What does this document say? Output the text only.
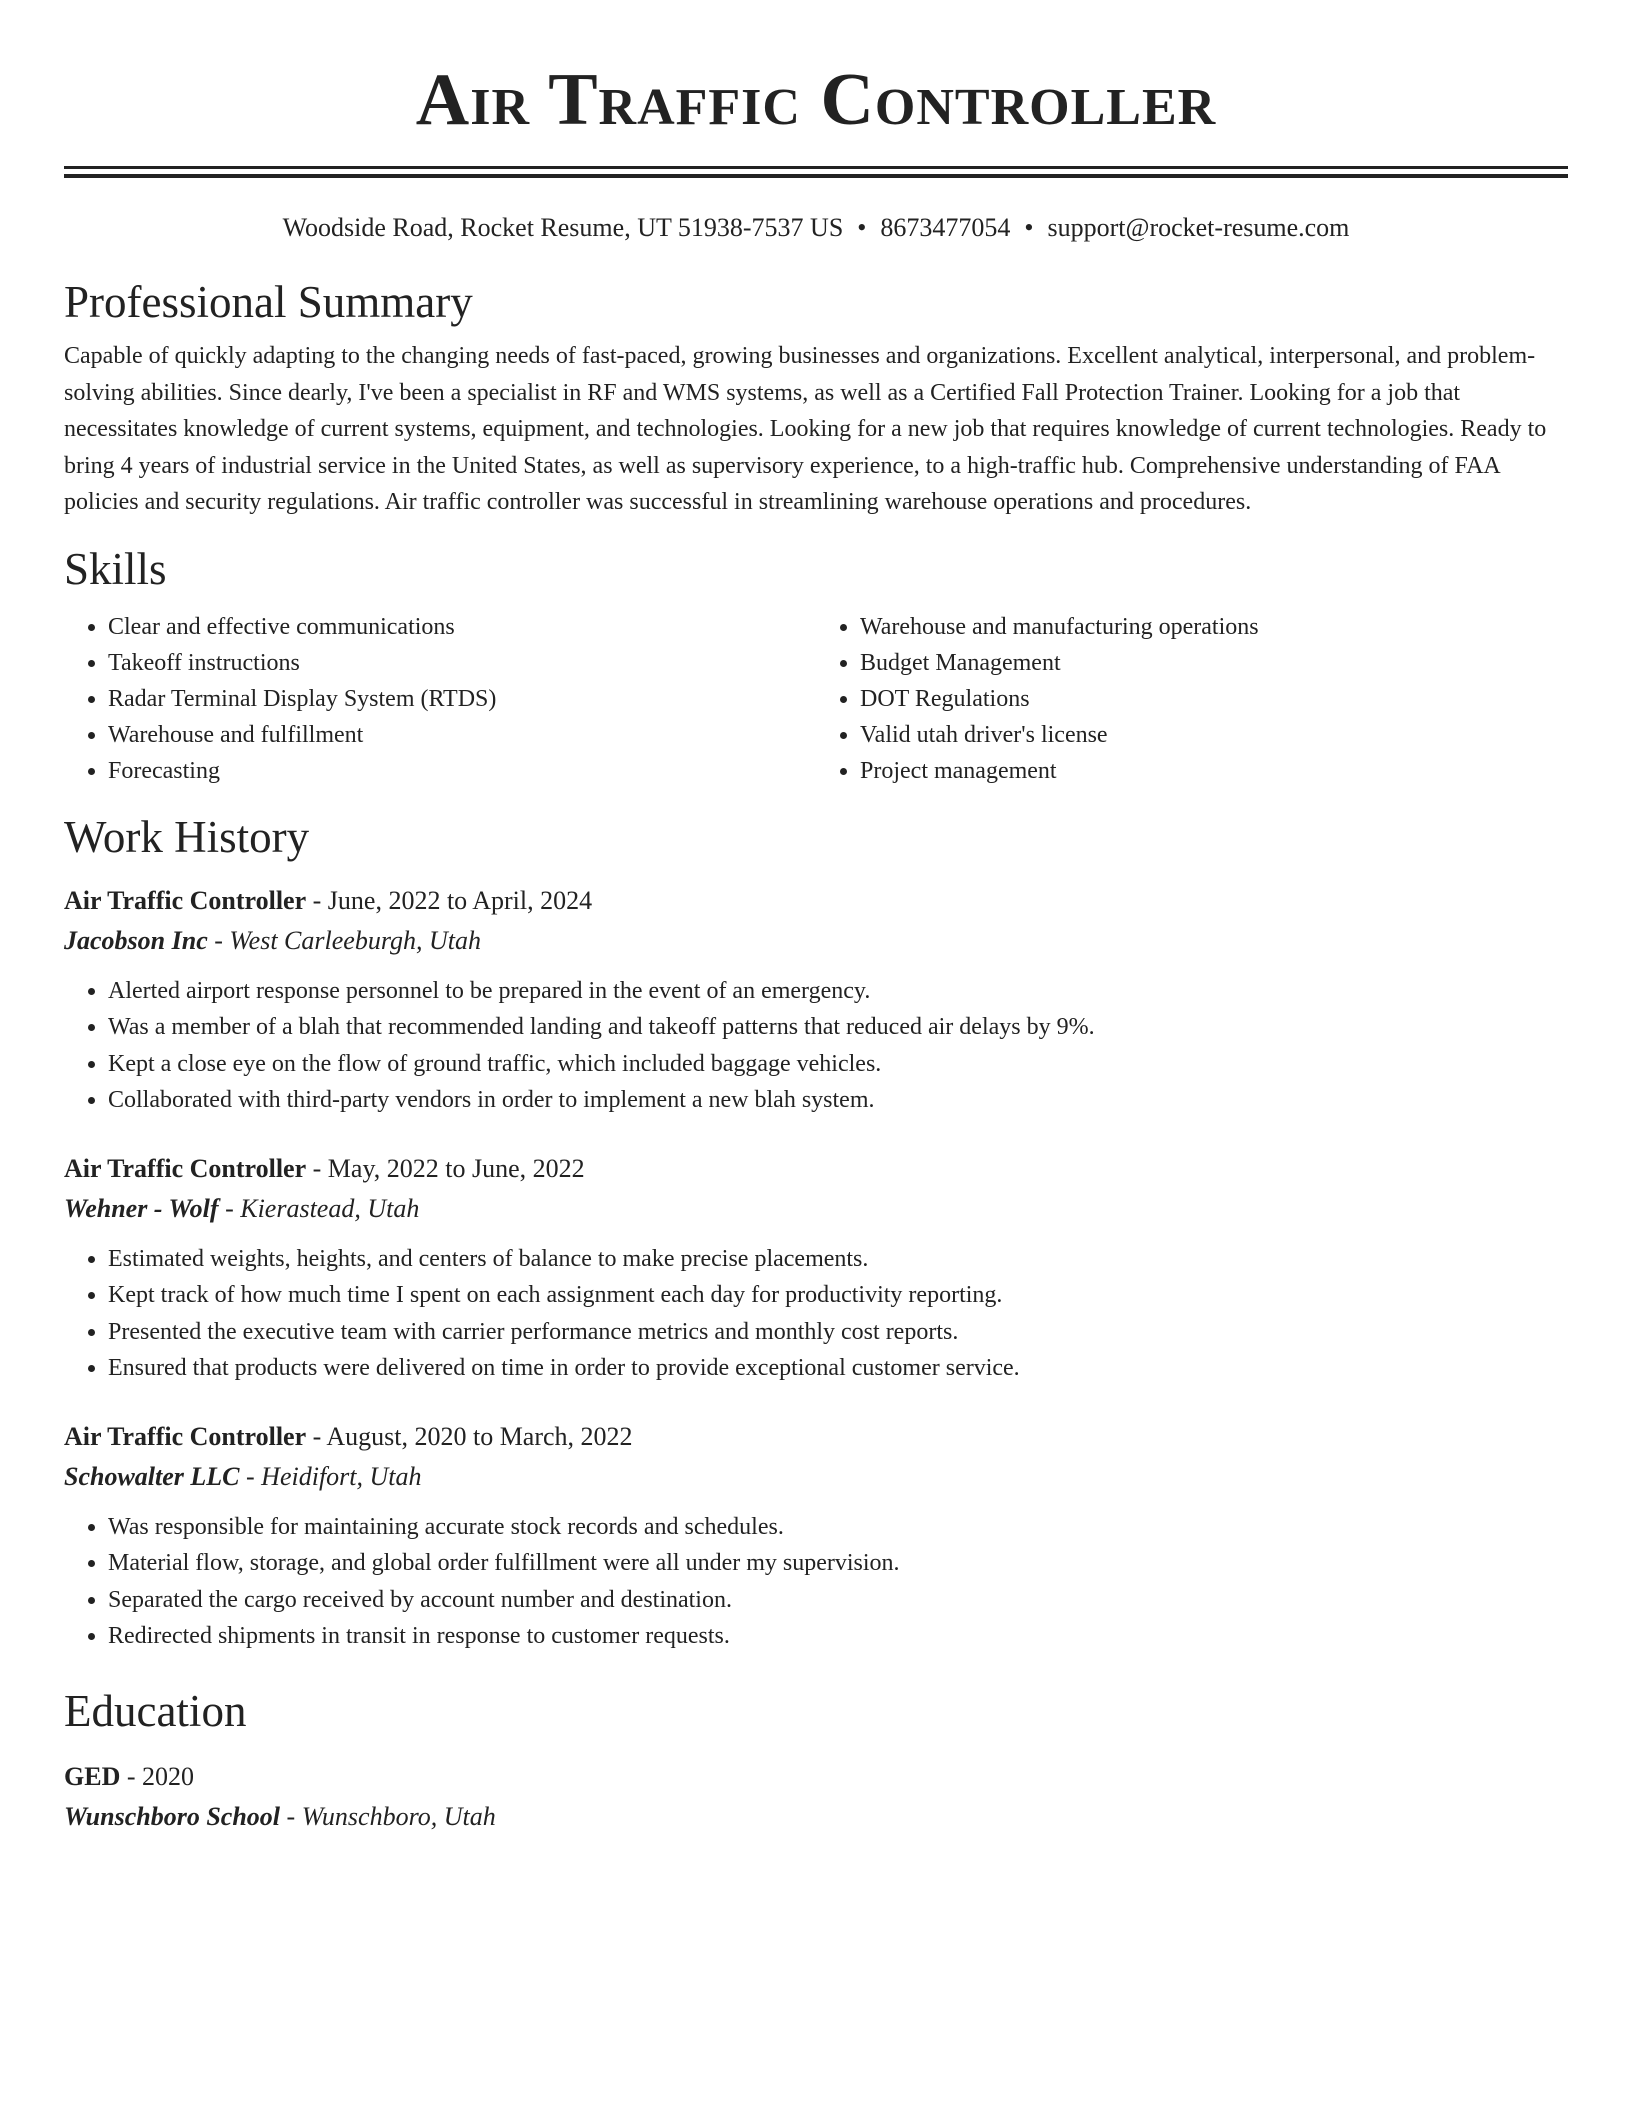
Air Traffic Controller
Woodside Road, Rocket Resume, UT 51938-7537 US • 8673477054 • support@rocket-resume.com
Professional Summary

Capable of quickly adapting to the changing needs of fast-paced, growing businesses and organizations. Excellent analytical, interpersonal, and problem-solving abilities. Since dearly, I've been a specialist in RF and WMS systems, as well as a Certified Fall Protection Trainer. Looking for a job that necessitates knowledge of current systems, equipment, and technologies. Looking for a new job that requires knowledge of current technologies. Ready to bring 4 years of industrial service in the United States, as well as supervisory experience, to a high-traffic hub. Comprehensive understanding of FAA policies and security regulations. Air traffic controller was successful in streamlining warehouse operations and procedures.

Skills
• Clear and effective communications
• Takeoff instructions
• Radar Terminal Display System (RTDS)
• Warehouse and fulfillment
• Forecasting
• Warehouse and manufacturing operations
• Budget Management
• DOT Regulations
• Valid utah driver's license
• Project management
Work History
Air Traffic Controller - June, 2022 to April, 2024
Jacobson Inc - West Carleeburgh, Utah
• Alerted airport response personnel to be prepared in the event of an emergency.
• Was a member of a blah that recommended landing and takeoff patterns that reduced air delays by 9%.
• Kept a close eye on the flow of ground traffic, which included baggage vehicles.
• Collaborated with third-party vendors in order to implement a new blah system.
Air Traffic Controller - May, 2022 to June, 2022
Wehner - Wolf - Kierastead, Utah
• Estimated weights, heights, and centers of balance to make precise placements.
• Kept track of how much time I spent on each assignment each day for productivity reporting.
• Presented the executive team with carrier performance metrics and monthly cost reports.
• Ensured that products were delivered on time in order to provide exceptional customer service.
Air Traffic Controller - August, 2020 to March, 2022
Schowalter LLC - Heidifort, Utah
• Was responsible for maintaining accurate stock records and schedules.
• Material flow, storage, and global order fulfillment were all under my supervision.
• Separated the cargo received by account number and destination.
• Redirected shipments in transit in response to customer requests.
Education
GED - 2020
Wunschboro School - Wunschboro, Utah
